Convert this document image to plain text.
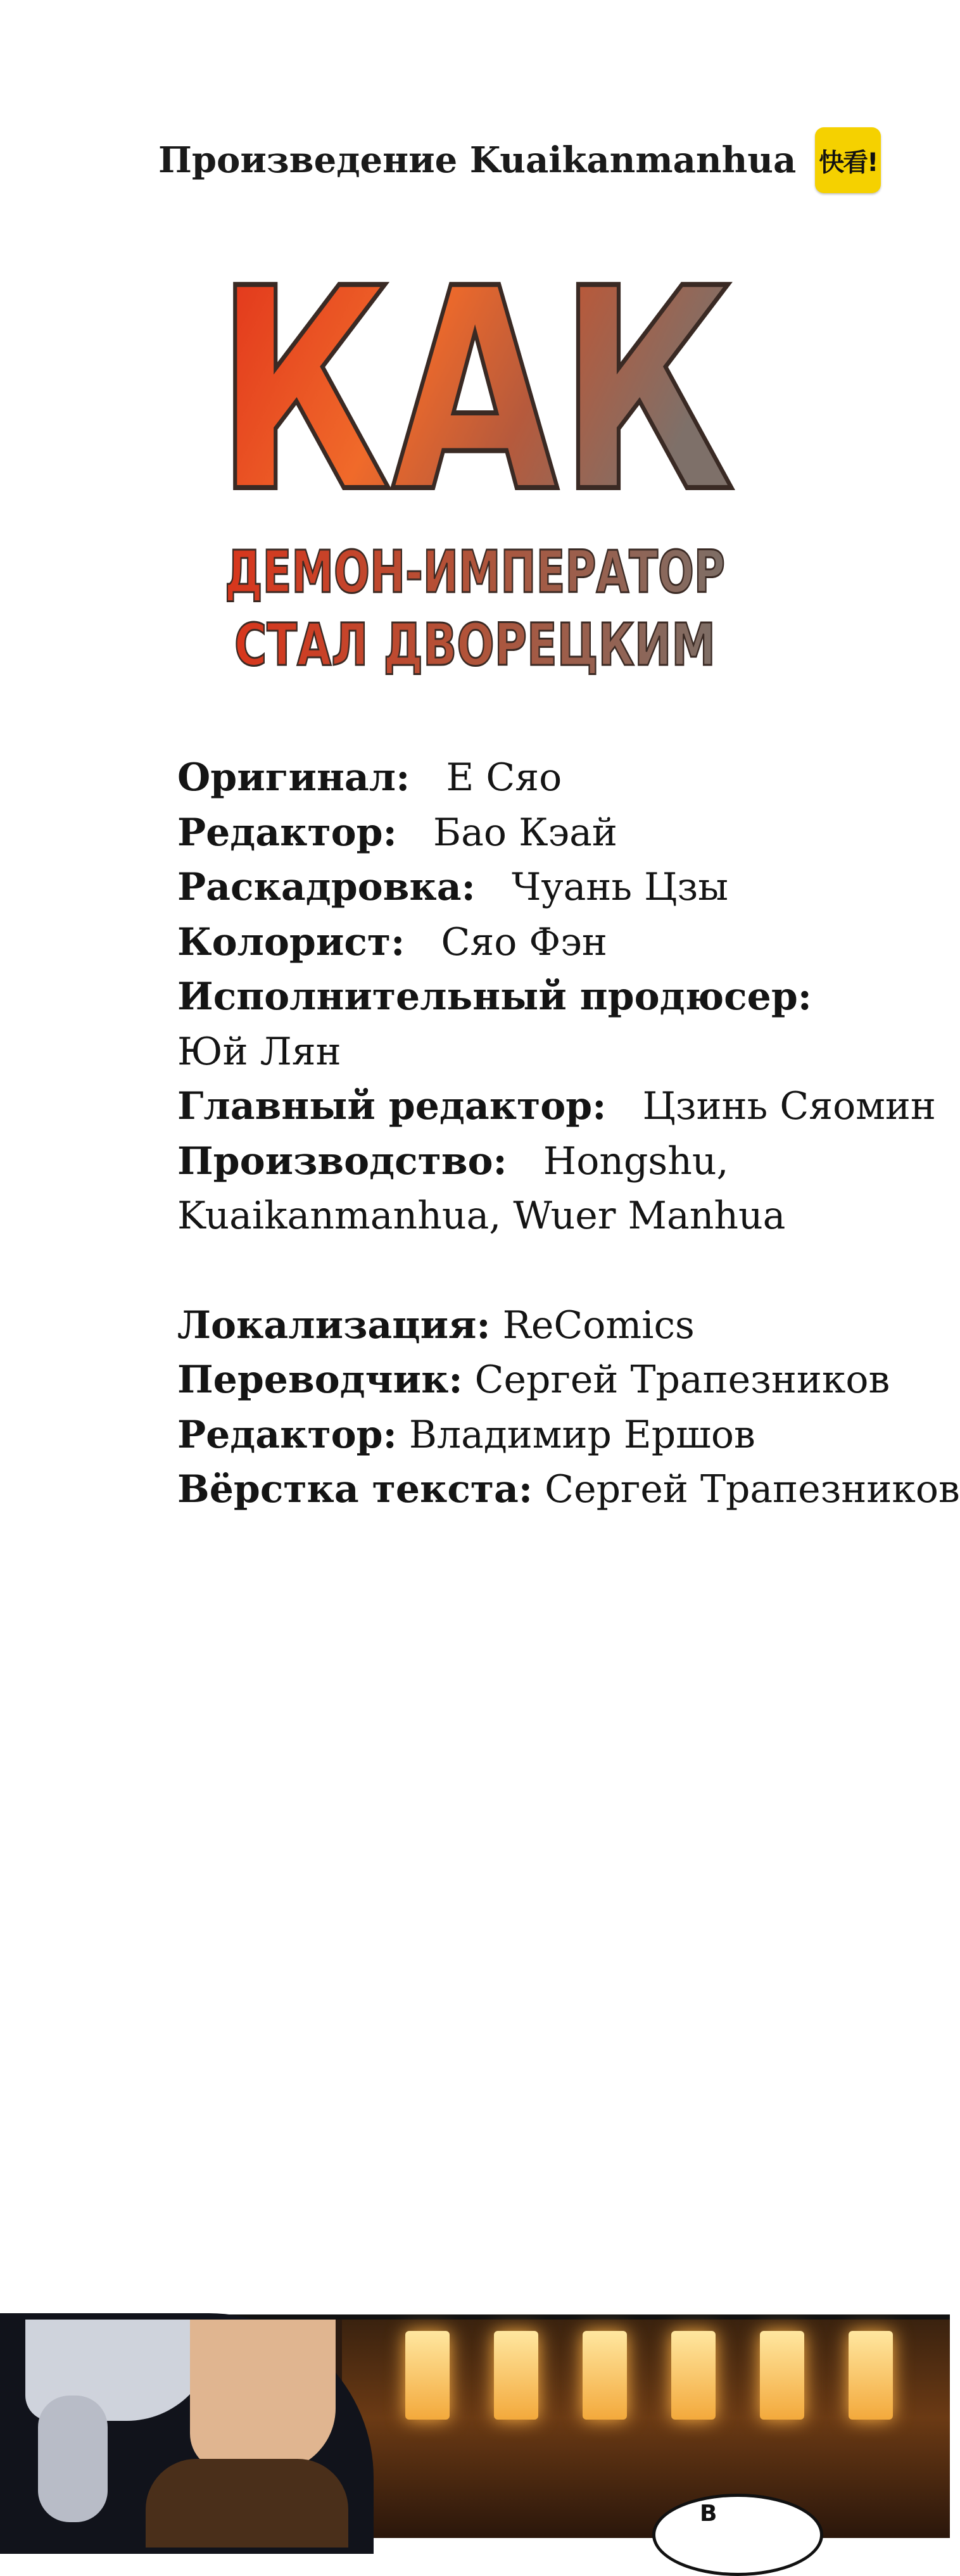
Произведение Kuaikanmanhua 快看!
КАК
ДЕМОН-ИМПЕРАТОР
СТАЛ ДВОРЕЦКИМ
Оригинал: Е Сяо
Редактор: Бао Кэай
Раскадровка: Чуань Цзы
Колорист: Сяо Фэн
Исполнительный продюсер:
Юй Лян
Главный редактор: Цзинь Сяомин
Производство: Hongshu,
Kuaikanmanhua, Wuer Manhua
Локализация: ReComics
Переводчик: Сергей Трапезников
Редактор: Владимир Ершов
Вёрстка текста: Сергей Трапезников
В
